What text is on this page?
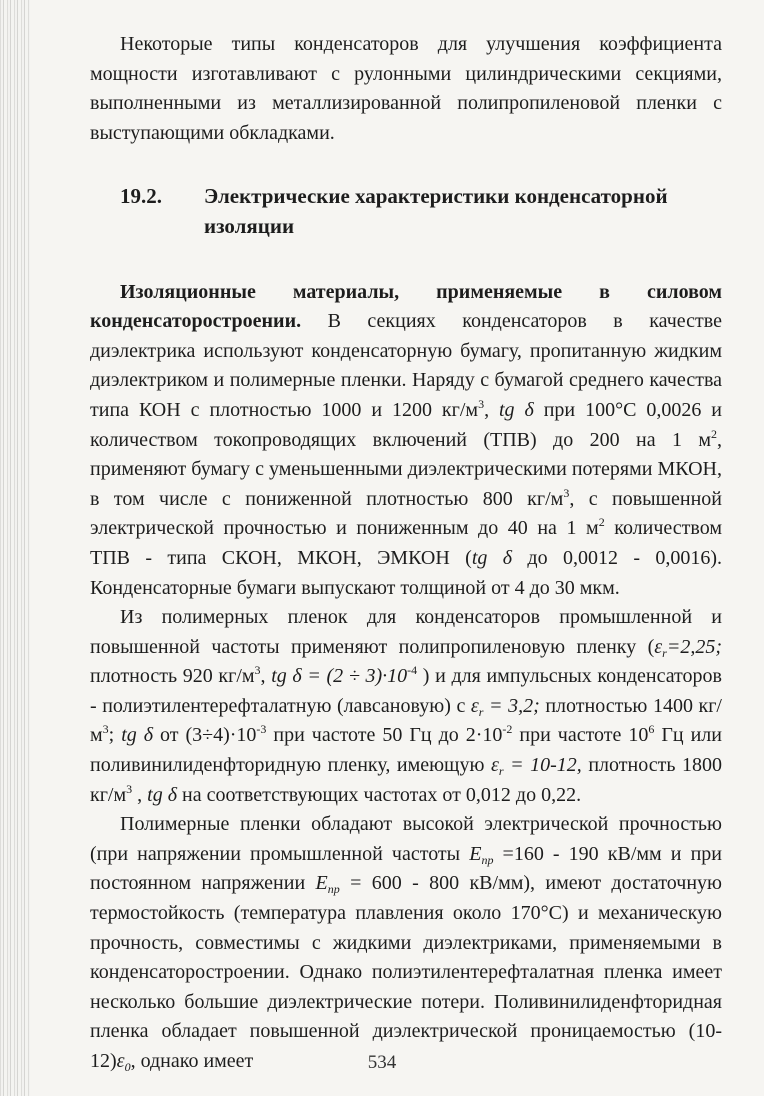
Некоторые типы конденсаторов для улучшения коэффициента мощности изготавливают с рулонными цилиндрическими секциями, выполненными из металлизированной полипропиленовой пленки с выступающими обкладками.

19.2.	Электрические характеристики конденсаторной изоляции

Изоляционные материалы, применяемые в силовом конденсаторостроении. В секциях конденсаторов в качестве диэлектрика используют конденсаторную бумагу, пропитанную жидким диэлектриком и полимерные пленки. Наряду с бумагой среднего качества типа КОН с плотностью 1000 и 1200 $кг/м^3$, tg δ при 100°С 0,0026 и количеством токопроводящих включений (ТПВ) до 200 на 1 $м^2$, применяют бумагу с уменьшенными диэлектрическими потерями МКОН, в том числе с пониженной плотностью 800 $кг/м^3$, с повышенной электрической прочностью и пониженным до 40 на 1 $м^2$ количеством ТПВ - типа СКОН, МКОН, ЭМКОН (tg δ до 0,0012 - 0,0016). Конденсаторные бумаги выпускают толщиной от 4 до 30 мкм.

Из полимерных пленок для конденсаторов промышленной и повышенной частоты применяют полипропиленовую пленку ($\varepsilon_r=2,25$; плотность 920 $кг/м^3$, tg $\delta = (2 \div 3)\cdot 10^{-4}$ ) и для импульсных конденсаторов - полиэтилентерефталатную (лавсановую) с $\varepsilon_r = 3,2$; плотностью 1400 $кг/м^3$; tg δ от $(3\div 4)\cdot 10^{-3}$ при частоте 50 Гц до $2\cdot 10^{-2}$ при частоте $10^6$ Гц или поливинилиденфторидную пленку, имеющую $\varepsilon_r = 10-12$, плотность 1800 $кг/м^3$ , tg δ на соответствующих частотах от 0,012 до 0,22.

Полимерные пленки обладают высокой электрической прочностью (при напряжении промышленной частоты $E_{пр} =160 - 190$ кВ/мм и при постоянном напряжении $E_{пр} = 600 - 800$ кВ/мм), имеют достаточную термостойкость (температура плавления около 170°С) и механическую прочность, совместимы с жидкими диэлектриками, применяемыми в конденсаторостроении. Однако полиэтилентерефталатная пленка имеет несколько большие диэлектрические потери. Поливинилиденфторидная пленка обладает повышенной диэлектрической проницаемостью $(10-12)\varepsilon_0$, однако имеет	534
